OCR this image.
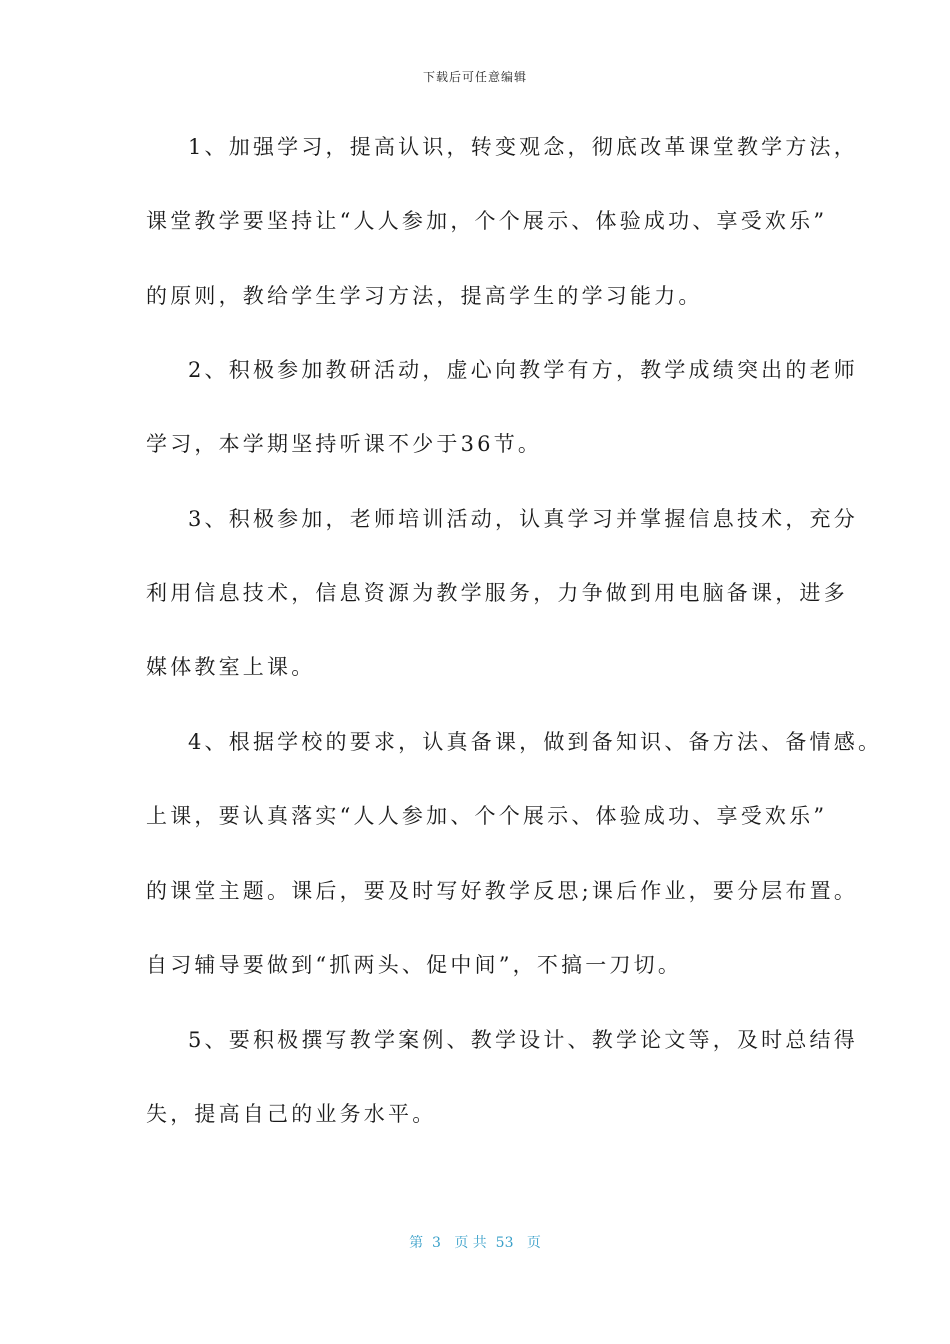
下载后可任意编辑
1、加强学习，提高认识，转变观念，彻底改革课堂教学方法，
课堂教学要坚持让“人人参加，个个展示、体验成功、享受欢乐”
的原则，教给学生学习方法，提高学生的学习能力。
2、积极参加教研活动，虚心向教学有方，教学成绩突出的老师
学习，本学期坚持听课不少于36节。
3、积极参加，老师培训活动，认真学习并掌握信息技术，充分
利用信息技术，信息资源为教学服务，力争做到用电脑备课，进多
媒体教室上课。
4、根据学校的要求，认真备课，做到备知识、备方法、备情感。
上课，要认真落实“人人参加、个个展示、体验成功、享受欢乐”
的课堂主题。课后，要及时写好教学反思;课后作业，要分层布置。
自习辅导要做到“抓两头、促中间”，不搞一刀切。
5、要积极撰写教学案例、教学设计、教学论文等，及时总结得
失，提高自己的业务水平。
第  3   页 共  53   页
